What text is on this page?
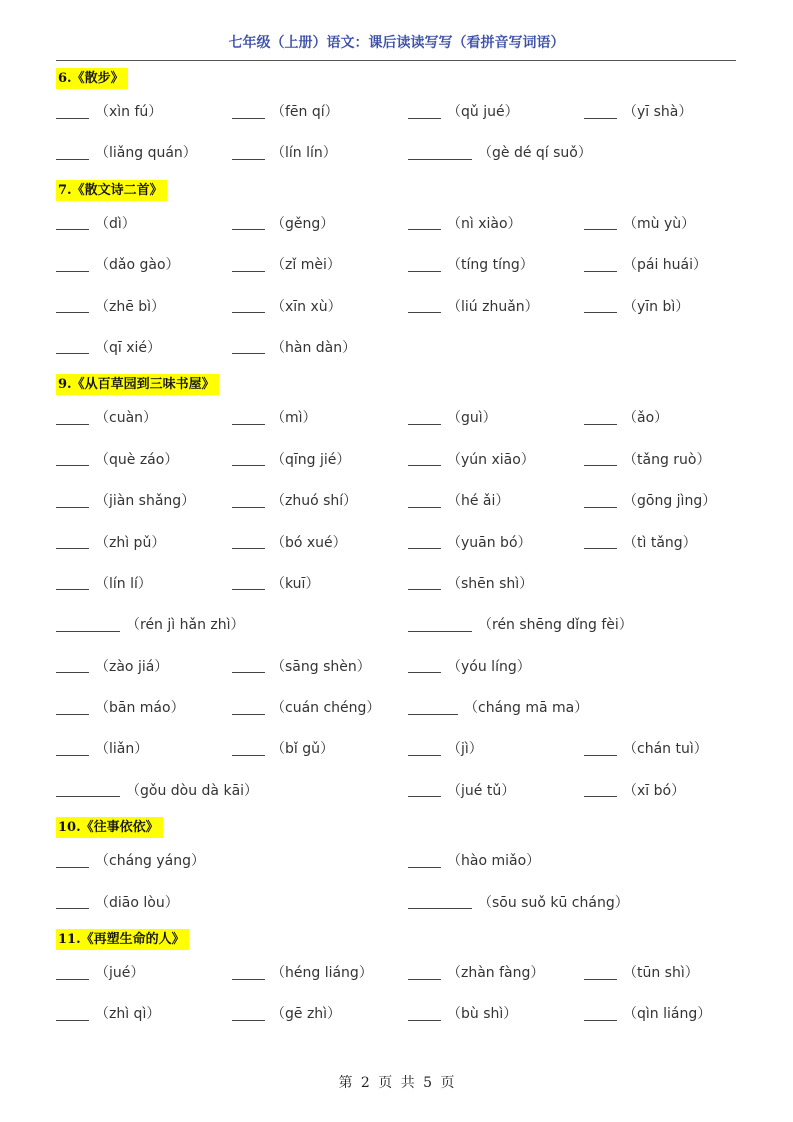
七年级（上册）语文：课后读读写写（看拼音写词语）
6.《散步》
（xìn fú）	（fēn qí）	（qǔ jué）	（yī shà）
（liǎng quán）	（lín lín）	（gè dé qí suǒ）
7.《散文诗二首》
（dì）	（gěng）	（nì xiào）	（mù yù）
（dǎo gào）	（zǐ mèi）	（tíng tíng）	（pái huái）
（zhē bì）	（xīn xù）	（liú zhuǎn）	（yīn bì）
（qī xié）	（hàn dàn）
9.《从百草园到三味书屋》
（cuàn）	（mì）	（guì）	（ǎo）
（què záo）	（qīng jié）	（yún xiāo）	（tǎng ruò）
（jiàn shǎng）	（zhuó shí）	（hé ǎi）	（gōng jìng）
（zhì pǔ）	（bó xué）	（yuān bó）	（tì tǎng）
（lín lí）	（kuī）	（shēn shì）
（rén jì hǎn zhì）	（rén shēng dǐng fèi）
（zào jiá）	（sāng shèn）	（yóu líng）
（bān máo）	（cuán chéng）	（cháng mā ma）
（liǎn）	（bǐ gǔ）	（jì）	（chán tuì）
（gǒu dòu dà kāi）	（jué tǔ）	（xī bó）
10.《往事依依》
（cháng yáng）	（hào miǎo）
（diāo lòu）	（sōu suǒ kū cháng）
11.《再塑生命的人》
（jué）	（héng liáng）	（zhàn fàng）	（tūn shì）
（zhì qì）	（gē zhì）	（bù shì）	（qìn liáng）
第 2 页 共 5 页
